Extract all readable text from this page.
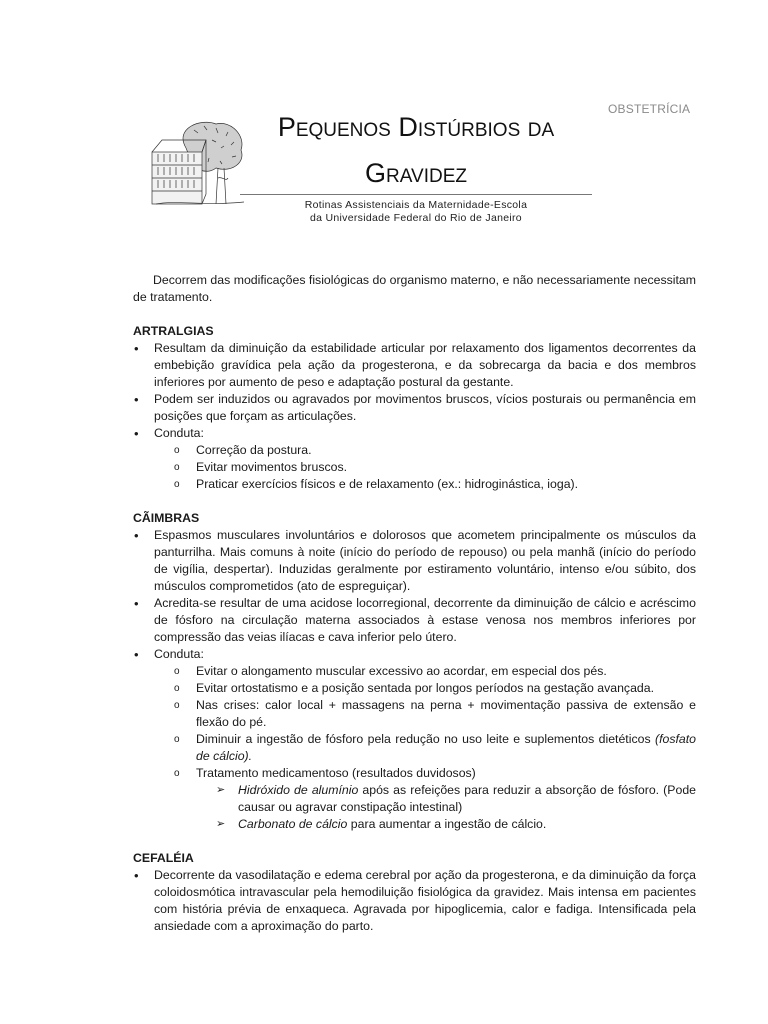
OBSTETRÍCIA
Pequenos Distúrbios da
Gravidez
Rotinas Assistenciais da Maternidade-Escola
da Universidade Federal do Rio de Janeiro

Decorrem das modificações fisiológicas do organismo materno, e não necessariamente necessitam de tratamento.

ARTRALGIAS
• Resultam da diminuição da estabilidade articular por relaxamento dos ligamentos decorrentes da embebição gravídica pela ação da progesterona, e da sobrecarga da bacia e dos membros inferiores por aumento de peso e adaptação postural da gestante.
• Podem ser induzidos ou agravados por movimentos bruscos, vícios posturais ou permanência em posições que forçam as articulações.
• Conduta:
o Correção da postura.
o Evitar movimentos bruscos.
o Praticar exercícios físicos e de relaxamento (ex.: hidroginástica, ioga).
CÃIMBRAS
• Espasmos musculares involuntários e dolorosos que acometem principalmente os músculos da panturrilha. Mais comuns à noite (início do período de repouso) ou pela manhã (início do período de vigília, despertar). Induzidas geralmente por estiramento voluntário, intenso e/ou súbito, dos músculos comprometidos (ato de espreguiçar).
• Acredita-se resultar de uma acidose locorregional, decorrente da diminuição de cálcio e acréscimo de fósforo na circulação materna associados à estase venosa nos membros inferiores por compressão das veias ilíacas e cava inferior pelo útero.
• Conduta:
o Evitar o alongamento muscular excessivo ao acordar, em especial dos pés.
o Evitar ortostatismo e a posição sentada por longos períodos na gestação avançada.
o Nas crises: calor local + massagens na perna + movimentação passiva de extensão e flexão do pé.
o Diminuir a ingestão de fósforo pela redução no uso leite e suplementos dietéticos (fosfato de cálcio).
o Tratamento medicamentoso (resultados duvidosos)
➢ Hidróxido de alumínio após as refeições para reduzir a absorção de fósforo. (Pode causar ou agravar constipação intestinal)
➢ Carbonato de cálcio para aumentar a ingestão de cálcio.
CEFALÉIA
• Decorrente da vasodilatação e edema cerebral por ação da progesterona, e da diminuição da força coloidosmótica intravascular pela hemodiluição fisiológica da gravidez. Mais intensa em pacientes com história prévia de enxaqueca. Agravada por hipoglicemia, calor e fadiga. Intensificada pela ansiedade com a aproximação do parto.
